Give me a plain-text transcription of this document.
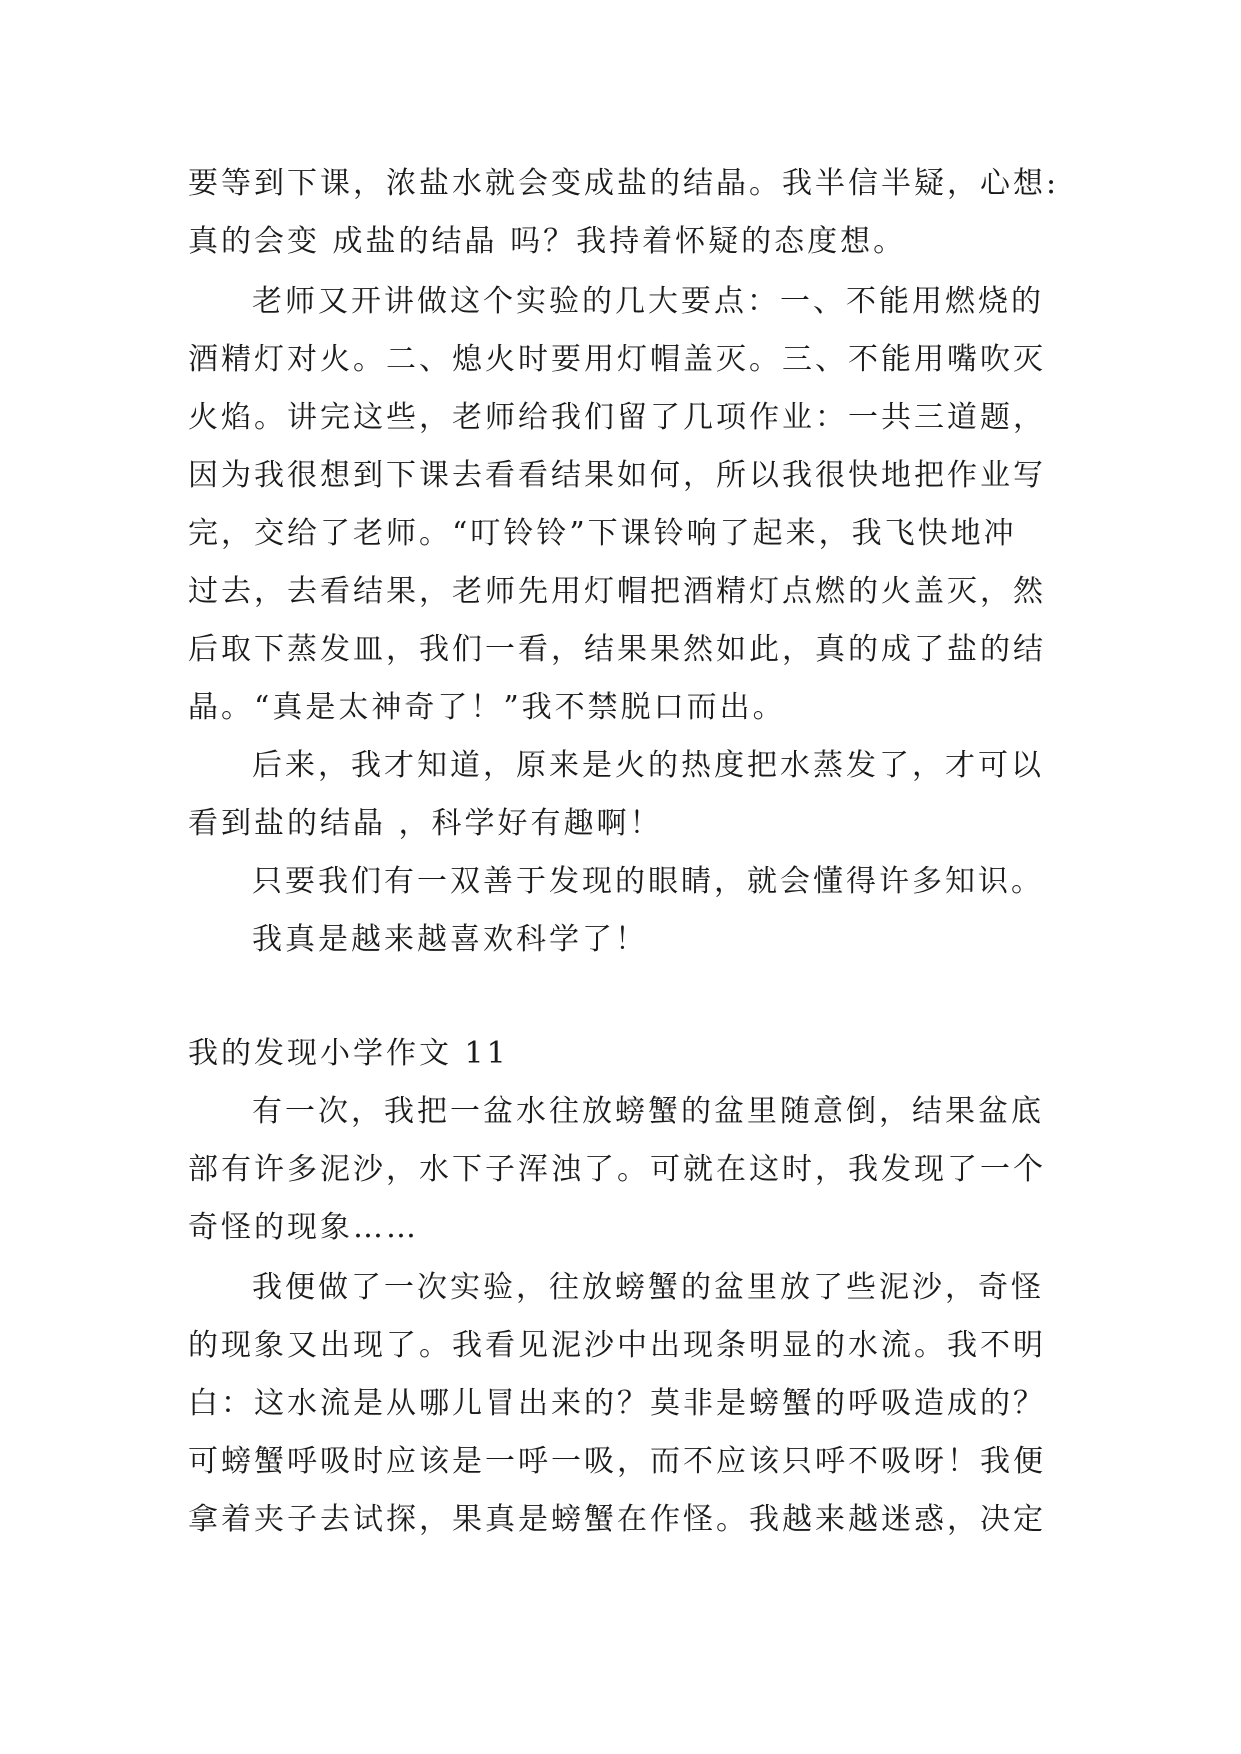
要等到下课，浓盐水就会变成盐的结晶。我半信半疑，心想:
真的会变 成盐的结晶 吗？我持着怀疑的态度想。
老师又开讲做这个实验的几大要点：一、不能用燃烧的
酒精灯对火。二、熄火时要用灯帽盖灭。三、不能用嘴吹灭
火焰。讲完这些，老师给我们留了几项作业：一共三道题，
因为我很想到下课去看看结果如何，所以我很快地把作业写
完，交给了老师。“叮铃铃”下课铃响了起来，我飞快地冲
过去，去看结果，老师先用灯帽把酒精灯点燃的火盖灭，然
后取下蒸发皿，我们一看，结果果然如此，真的成了盐的结
晶。“真是太神奇了！”我不禁脱口而出。
后来，我才知道，原来是火的热度把水蒸发了，才可以
看到盐的结晶 ，科学好有趣啊！
只要我们有一双善于发现的眼睛，就会懂得许多知识。
我真是越来越喜欢科学了！
我的发现小学作文 11
有一次，我把一盆水往放螃蟹的盆里随意倒，结果盆底
部有许多泥沙，水下子浑浊了。可就在这时，我发现了一个
奇怪的现象……
我便做了一次实验，往放螃蟹的盆里放了些泥沙，奇怪
的现象又出现了。我看见泥沙中出现条明显的水流。我不明
白：这水流是从哪儿冒出来的？莫非是螃蟹的呼吸造成的？
可螃蟹呼吸时应该是一呼一吸，而不应该只呼不吸呀！我便
拿着夹子去试探，果真是螃蟹在作怪。我越来越迷惑，决定
